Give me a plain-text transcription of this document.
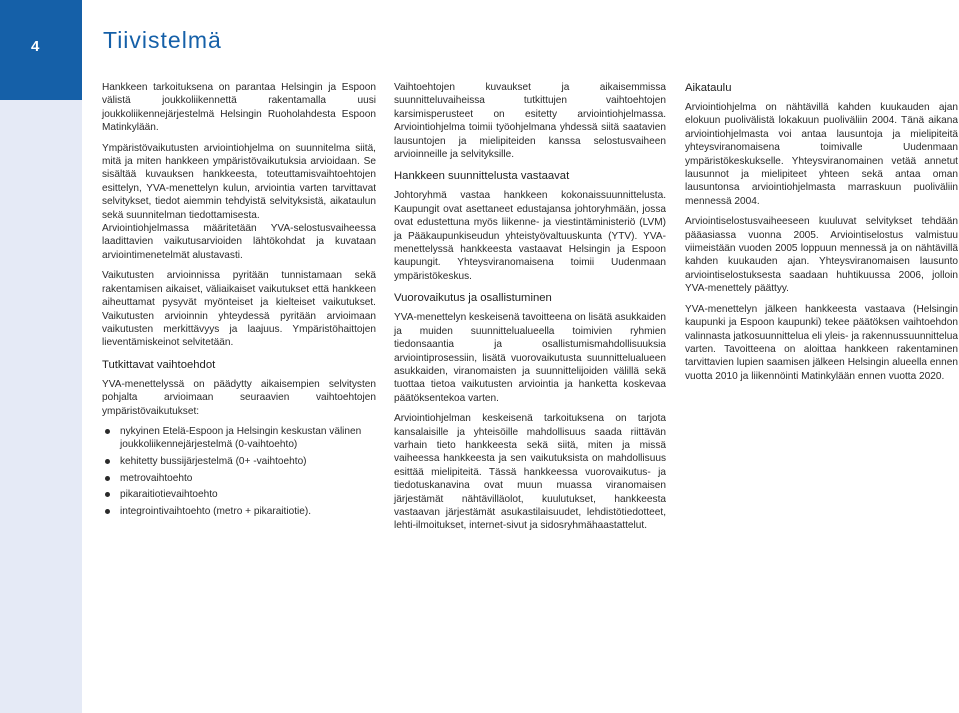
4	Tiivistelmä

Hankkeen tarkoituksena on parantaa Helsingin ja Espoon välistä joukkoliikennettä rakentamalla uusi joukkoliikennejärjestelmä Helsingin Ruoholahdesta Espoon Matinkylään.

Ympäristövaikutusten arviointiohjelma on suunnitelma siitä, mitä ja miten hankkeen ympäristövaikutuksia arvioidaan. Se sisältää kuvauksen hankkeesta, toteuttamisvaihtoehtojen esittelyn, YVA-menettelyn kulun, arviointia varten tarvittavat selvitykset, tiedot aiemmin tehdyistä selvityksistä, aikataulun sekä suunnitelman tiedottamisesta.

Arviointiohjelmassa määritetään YVA-selostusvaiheessa laadittavien vaikutusarvioiden lähtökohdat ja kuvataan arviointimenetelmät alustavasti.

Vaikutusten arvioinnissa pyritään tunnistamaan sekä rakentamisen aikaiset, väliaikaiset vaikutukset että hankkeen aiheuttamat pysyvät myönteiset ja kielteiset vaikutukset. Vaikutusten arvioinnin yhteydessä pyritään arvioimaan vaikutusten merkittävyys ja laajuus. Ympäristöhaittojen lieventämiskeinot selvitetään.

Tutkittavat vaihtoehdot

YVA-menettelyssä on päädytty aikaisempien selvitysten pohjalta arvioimaan seuraavien vaihtoehtojen ympäristövaikutukset:

nykyinen Etelä-Espoon ja Helsingin keskustan välinen joukkoliikennejärjestelmä (0-vaihtoehto)
kehitetty bussijärjestelmä (0+ -vaihtoehto)
metrovaihtoehto
pikaraitiotievaihtoehto
integrointivaihtoehto (metro + pikaraitiotie).

Vaihtoehtojen kuvaukset ja aikaisemmissa suunnitteluvaiheissa tutkittujen vaihtoehtojen karsimisperusteet on esitetty arviointiohjelmassa. Arviointiohjelma toimii työohjelmana yhdessä siitä saatavien lausuntojen ja mielipiteiden kanssa selostusvaiheen arvioinneille ja selvityksille.

Hankkeen suunnittelusta vastaavat

Johtoryhmä vastaa hankkeen kokonaissuunnittelusta. Kaupungit ovat asettaneet edustajansa johtoryhmään, jossa ovat edustettuna myös liikenne- ja viestintäministeriö (LVM) ja Pääkaupunkiseudun yhteistyövaltuuskunta (YTV). YVA-menettelyssä hankkeesta vastaavat Helsingin ja Espoon kaupungit. Yhteysviranomaisena toimii Uudenmaan ympäristökeskus.

Vuorovaikutus ja osallistuminen

YVA-menettelyn keskeisenä tavoitteena on lisätä asukkaiden ja muiden suunnittelualueella toimivien ryhmien tiedonsaantia ja osallistumismahdollisuuksia arviointiprosessiin, lisätä vuorovaikutusta suunnittelualueen asukkaiden, viranomaisten ja suunnittelijoiden välillä sekä tuottaa tietoa vaikutusten arviointia ja hanketta koskevaa päätöksentekoa varten.

Arviointiohjelman keskeisenä tarkoituksena on tarjota kansalaisille ja yhteisöille mahdollisuus saada riittävän varhain tieto hankkeesta sekä siitä, miten ja missä vaiheessa hankkeesta ja sen vaikutuksista on mahdollisuus esittää mielipiteitä. Tässä hankkeessa vuorovaikutus- ja tiedotuskanavina ovat muun muassa viranomaisen järjestämät nähtävilläolot, kuulutukset, hankkeesta vastaavan järjestämät asukastilaisuudet, lehdistötiedotteet, lehti-ilmoitukset, internet-sivut ja sidosryhmähaastattelut.

Aikataulu

Arviointiohjelma on nähtävillä kahden kuukauden ajan elokuun puolivälistä lokakuun puoliväliin 2004. Tänä aikana arviointiohjelmasta voi antaa lausuntoja ja mielipiteitä yhteysviranomaisena toimivalle Uudenmaan ympäristökeskukselle. Yhteysviranomainen vetää annetut lausunnot ja mielipiteet yhteen sekä antaa oman lausuntonsa arviointiohjelmasta marraskuun puoliväliin mennessä 2004.

Arviointiselostusvaiheeseen kuuluvat selvitykset tehdään pääasiassa vuonna 2005. Arviointiselostus valmistuu viimeistään vuoden 2005 loppuun mennessä ja on nähtävillä kahden kuukauden ajan. Yhteysviranomaisen lausunto arviointiselostuksesta saadaan huhtikuussa 2006, jolloin YVA-menettely päättyy.

YVA-menettelyn jälkeen hankkeesta vastaava (Helsingin kaupunki ja Espoon kaupunki) tekee päätöksen vaihtoehdon valinnasta jatkosuunnittelua eli yleis- ja rakennussuunnittelua varten. Tavoitteena on aloittaa hankkeen rakentaminen tarvittavien lupien saamisen jälkeen Helsingin alueella ennen vuotta 2010 ja liikennöinti Matinkylään ennen vuotta 2020.
